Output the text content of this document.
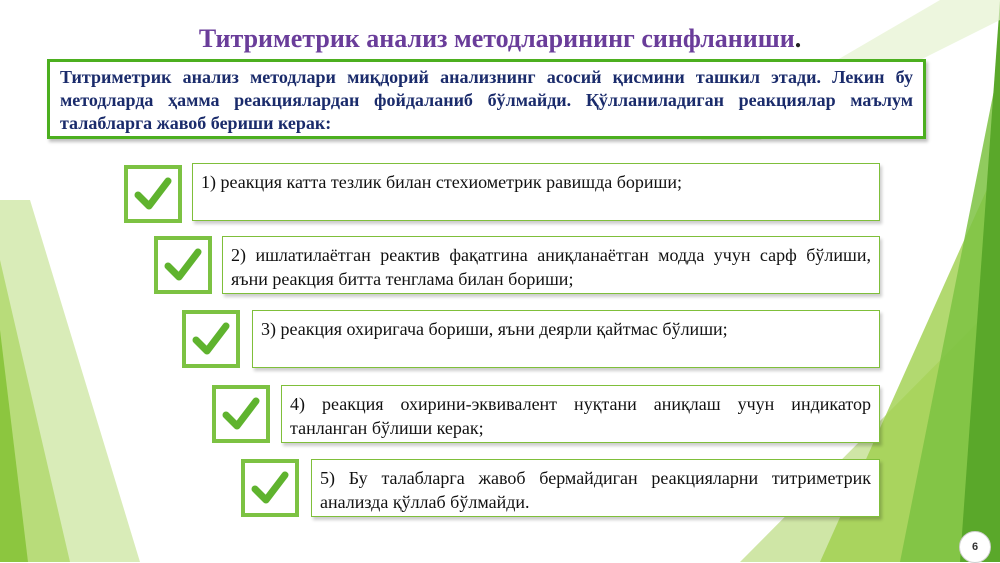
Титриметрик анализ методларининг синфланиши.
Титриметрик анализ методлари миқдорий анализнинг асосий қисмини ташкил этади. Лекин бу методларда ҳамма реакциялардан фойдаланиб бўлмайди. Қўлланиладиган реакциялар маълум талабларга жавоб бериши керак:
1) реакция катта тезлик билан стехиометрик равишда бориши;
2) ишлатилаётган реактив фақатгина аниқланаётган модда учун сарф бўлиши, яъни реакция битта тенглама билан бориши;
3) реакция охиригача бориши, яъни деярли қайтмас бўлиши;
4) реакция охирини-эквивалент нуқтани аниқлаш учун индикатор танланган бўлиши керак;
5) Бу талабларга жавоб бермайдиган реакцияларни титриметрик анализда қўллаб бўлмайди.
6
